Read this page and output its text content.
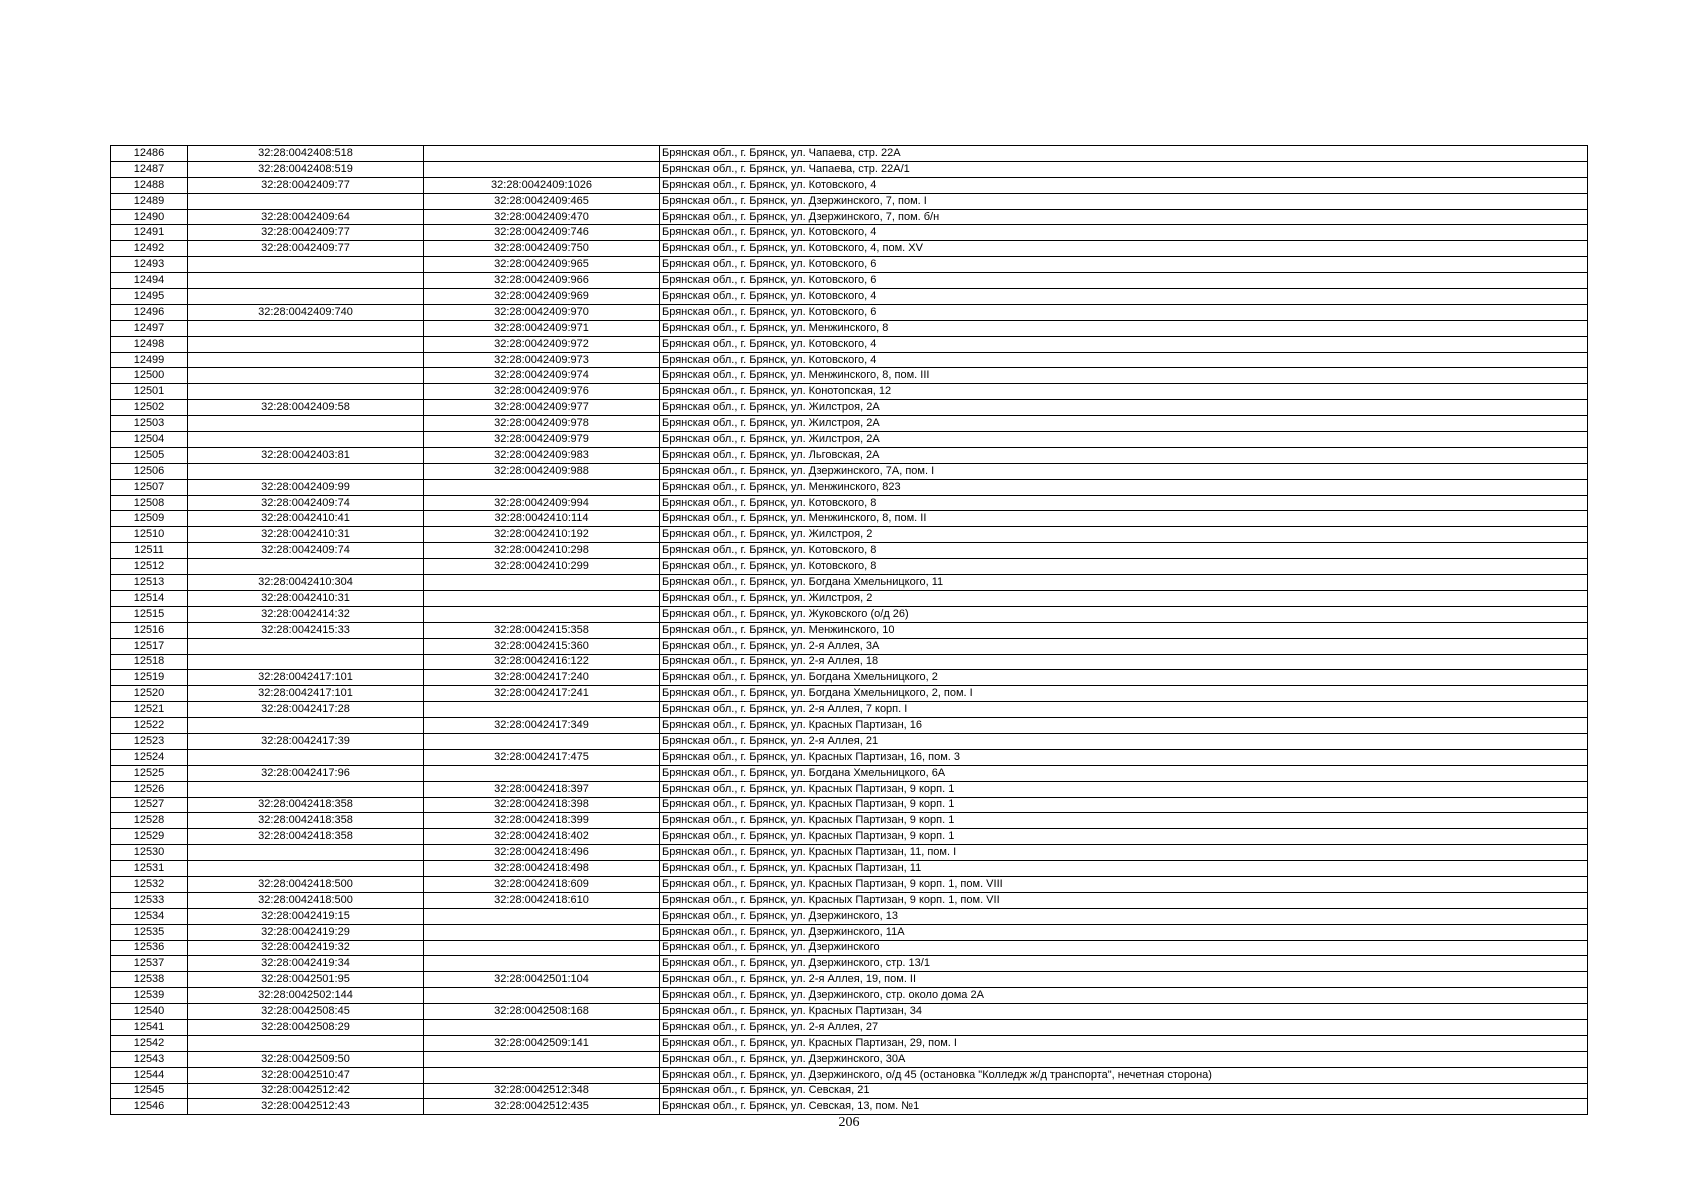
12486	32:28:0042408:518		Брянская обл., г. Брянск, ул. Чапаева, стр. 22А
12487	32:28:0042408:519		Брянская обл., г. Брянск, ул. Чапаева, стр. 22А/1
12488	32:28:0042409:77	32:28:0042409:1026	Брянская обл., г. Брянск, ул. Котовского, 4
12489		32:28:0042409:465	Брянская обл., г. Брянск, ул. Дзержинского, 7, пом. I
12490	32:28:0042409:64	32:28:0042409:470	Брянская обл., г. Брянск, ул. Дзержинского, 7, пом. б/н
12491	32:28:0042409:77	32:28:0042409:746	Брянская обл., г. Брянск, ул. Котовского, 4
12492	32:28:0042409:77	32:28:0042409:750	Брянская обл., г. Брянск, ул. Котовского, 4, пом. XV
12493		32:28:0042409:965	Брянская обл., г. Брянск, ул. Котовского, 6
12494		32:28:0042409:966	Брянская обл., г. Брянск, ул. Котовского, 6
12495		32:28:0042409:969	Брянская обл., г. Брянск, ул. Котовского, 4
12496	32:28:0042409:740	32:28:0042409:970	Брянская обл., г. Брянск, ул. Котовского, 6
12497		32:28:0042409:971	Брянская обл., г. Брянск, ул. Менжинского, 8
12498		32:28:0042409:972	Брянская обл., г. Брянск, ул. Котовского, 4
12499		32:28:0042409:973	Брянская обл., г. Брянск, ул. Котовского, 4
12500		32:28:0042409:974	Брянская обл., г. Брянск, ул. Менжинского, 8, пом. III
12501		32:28:0042409:976	Брянская обл., г. Брянск, ул. Конотопская, 12
12502	32:28:0042409:58	32:28:0042409:977	Брянская обл., г. Брянск, ул. Жилстроя, 2А
12503		32:28:0042409:978	Брянская обл., г. Брянск, ул. Жилстроя, 2А
12504		32:28:0042409:979	Брянская обл., г. Брянск, ул. Жилстроя, 2А
12505	32:28:0042403:81	32:28:0042409:983	Брянская обл., г. Брянск, ул. Льговская, 2А
12506		32:28:0042409:988	Брянская обл., г. Брянск, ул. Дзержинского, 7А, пом. I
12507	32:28:0042409:99		Брянская обл., г. Брянск, ул. Менжинского, 823
12508	32:28:0042409:74	32:28:0042409:994	Брянская обл., г. Брянск, ул. Котовского, 8
12509	32:28:0042410:41	32:28:0042410:114	Брянская обл., г. Брянск, ул. Менжинского, 8, пом. II
12510	32:28:0042410:31	32:28:0042410:192	Брянская обл., г. Брянск, ул. Жилстроя, 2
12511	32:28:0042409:74	32:28:0042410:298	Брянская обл., г. Брянск, ул. Котовского, 8
12512		32:28:0042410:299	Брянская обл., г. Брянск, ул. Котовского, 8
12513	32:28:0042410:304		Брянская обл., г. Брянск, ул. Богдана Хмельницкого, 11
12514	32:28:0042410:31		Брянская обл., г. Брянск, ул. Жилстроя, 2
12515	32:28:0042414:32		Брянская обл., г. Брянск, ул. Жуковского (о/д 26)
12516	32:28:0042415:33	32:28:0042415:358	Брянская обл., г. Брянск, ул. Менжинского, 10
12517		32:28:0042415:360	Брянская обл., г. Брянск, ул. 2-я Аллея, 3А
12518		32:28:0042416:122	Брянская обл., г. Брянск, ул. 2-я Аллея, 18
12519	32:28:0042417:101	32:28:0042417:240	Брянская обл., г. Брянск, ул. Богдана Хмельницкого, 2
12520	32:28:0042417:101	32:28:0042417:241	Брянская обл., г. Брянск, ул. Богдана Хмельницкого, 2, пом. I
12521	32:28:0042417:28		Брянская обл., г. Брянск, ул. 2-я Аллея, 7 корп. I
12522		32:28:0042417:349	Брянская обл., г. Брянск, ул. Красных Партизан, 16
12523	32:28:0042417:39		Брянская обл., г. Брянск, ул. 2-я Аллея, 21
12524		32:28:0042417:475	Брянская обл., г. Брянск, ул. Красных Партизан, 16, пом. 3
12525	32:28:0042417:96		Брянская обл., г. Брянск, ул. Богдана Хмельницкого, 6А
12526		32:28:0042418:397	Брянская обл., г. Брянск, ул. Красных Партизан, 9 корп. 1
12527	32:28:0042418:358	32:28:0042418:398	Брянская обл., г. Брянск, ул. Красных Партизан, 9 корп. 1
12528	32:28:0042418:358	32:28:0042418:399	Брянская обл., г. Брянск, ул. Красных Партизан, 9 корп. 1
12529	32:28:0042418:358	32:28:0042418:402	Брянская обл., г. Брянск, ул. Красных Партизан, 9 корп. 1
12530		32:28:0042418:496	Брянская обл., г. Брянск, ул. Красных Партизан, 11, пом. I
12531		32:28:0042418:498	Брянская обл., г. Брянск, ул. Красных Партизан, 11
12532	32:28:0042418:500	32:28:0042418:609	Брянская обл., г. Брянск, ул. Красных Партизан, 9 корп. 1, пом. VIII
12533	32:28:0042418:500	32:28:0042418:610	Брянская обл., г. Брянск, ул. Красных Партизан, 9 корп. 1, пом. VII
12534	32:28:0042419:15		Брянская обл., г. Брянск, ул. Дзержинского, 13
12535	32:28:0042419:29		Брянская обл., г. Брянск, ул. Дзержинского, 11А
12536	32:28:0042419:32		Брянская обл., г. Брянск, ул. Дзержинского
12537	32:28:0042419:34		Брянская обл., г. Брянск, ул. Дзержинского, стр. 13/1
12538	32:28:0042501:95	32:28:0042501:104	Брянская обл., г. Брянск, ул. 2-я Аллея, 19, пом. II
12539	32:28:0042502:144		Брянская обл., г. Брянск, ул. Дзержинского, стр. около дома 2А
12540	32:28:0042508:45	32:28:0042508:168	Брянская обл., г. Брянск, ул. Красных Партизан, 34
12541	32:28:0042508:29		Брянская обл., г. Брянск, ул. 2-я Аллея, 27
12542		32:28:0042509:141	Брянская обл., г. Брянск, ул. Красных Партизан, 29, пом. I
12543	32:28:0042509:50		Брянская обл., г. Брянск, ул. Дзержинского, 30А
12544	32:28:0042510:47		Брянская обл., г. Брянск, ул. Дзержинского, о/д 45 (остановка "Колледж ж/д транспорта", нечетная сторона)
12545	32:28:0042512:42	32:28:0042512:348	Брянская обл., г. Брянск, ул. Севская, 21
12546	32:28:0042512:43	32:28:0042512:435	Брянская обл., г. Брянск, ул. Севская, 13, пом. №1
206
